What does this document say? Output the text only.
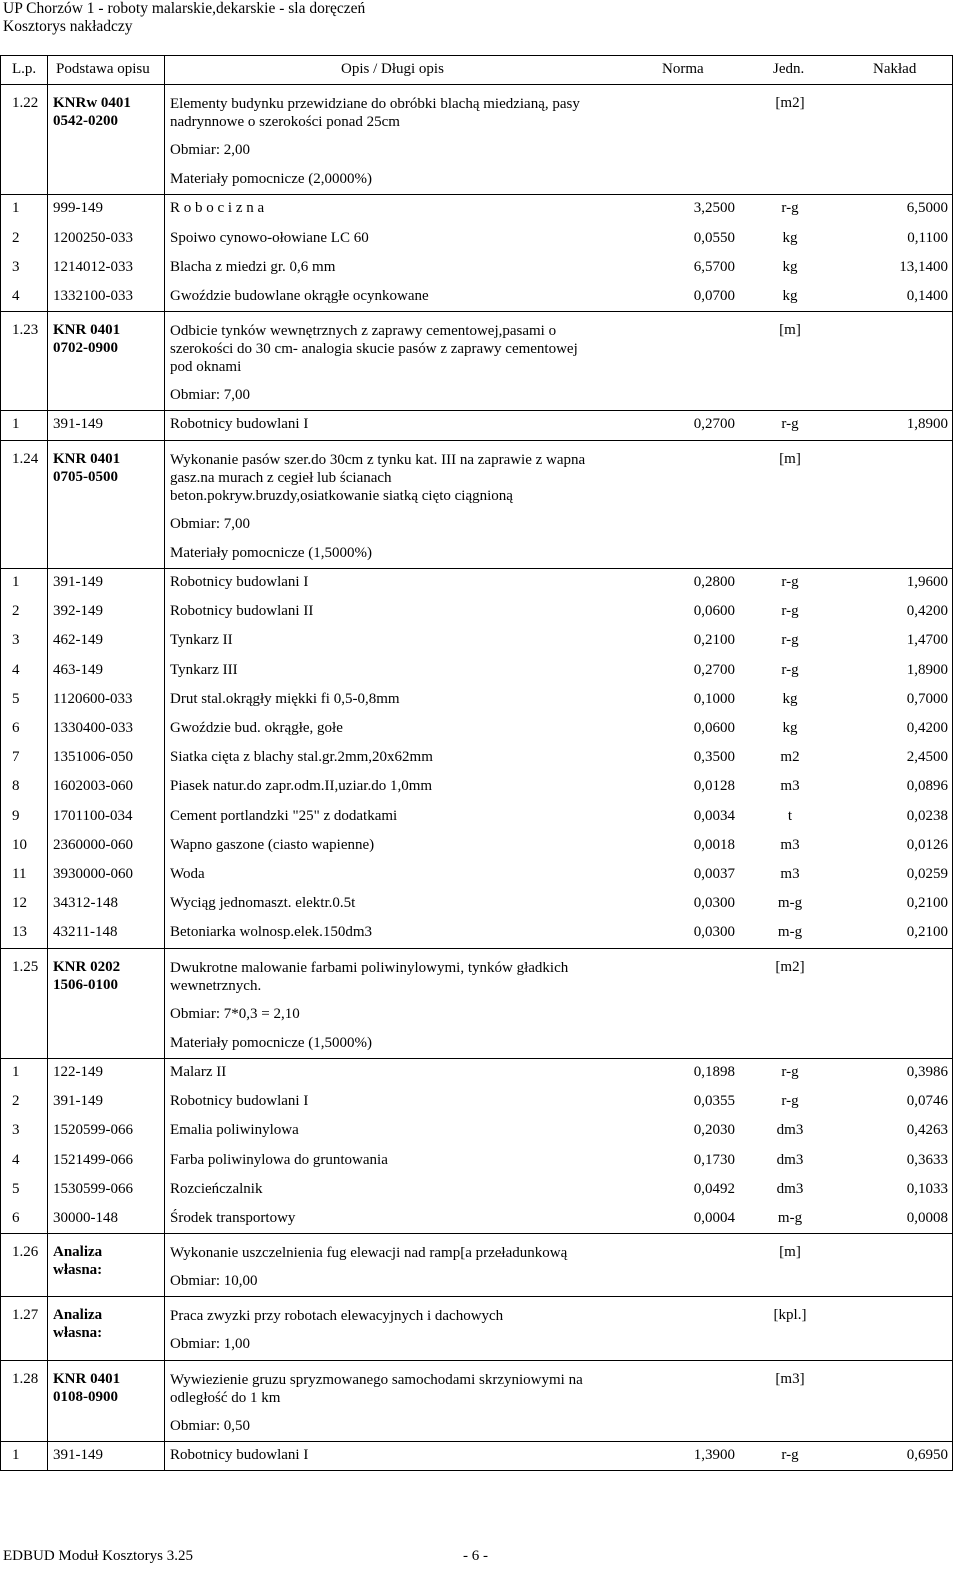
UP Chorzów 1 - roboty malarskie,dekarskie - sla doręczeń
Kosztorys nakładczy
L.p. Podstawa opisu	Opis / Długi opis	Norma	Jedn.	Nakład
1.22 KNRw 0401
0542-0200
Elementy budynku przewidziane do obróbki blachą miedzianą, pasy
nadrynnowe o szerokości ponad 25cm
[m2]
Obmiar: 2,00
Materiały pomocnicze (2,0000%)
1 999-149	R o b o c i z n a	3,2500	r-g	6,5000
2 1200250-033 Spoiwo cynowo-ołowiane LC 60	0,0550	kg	0,1100
3 1214012-033 Blacha z miedzi gr. 0,6 mm	6,5700	kg	13,1400
4 1332100-033 Gwoździe budowlane okrągłe ocynkowane	0,0700	kg	0,1400
1.23 KNR 0401
0702-0900
Odbicie tynków wewnętrznych z zaprawy cementowej,pasami o
szerokości do 30 cm- analogia skucie pasów z zaprawy cementowej
pod oknami
[m]
Obmiar: 7,00
1 391-149	Robotnicy budowlani I	0,2700	r-g	1,8900
1.24 KNR 0401
0705-0500
Wykonanie pasów szer.do 30cm z tynku kat. III na zaprawie z wapna
gasz.na murach z cegieł lub ścianach
beton.pokryw.bruzdy,osiatkowanie siatką cięto ciągnioną
[m]
Obmiar: 7,00
Materiały pomocnicze (1,5000%)
1 391-149	Robotnicy budowlani I	0,2800	r-g	1,9600
2 392-149	Robotnicy budowlani II	0,0600	r-g	0,4200
3 462-149	Tynkarz II	0,2100	r-g	1,4700
4 463-149	Tynkarz III	0,2700	r-g	1,8900
5 1120600-033	Drut stal.okrągły miękki fi 0,5-0,8mm	0,1000	kg	0,7000
6 1330400-033 Gwoździe bud. okrągłe, gołe	0,0600	kg	0,4200
7 1351006-050 Siatka cięta z blachy stal.gr.2mm,20x62mm	0,3500	m2	2,4500
8 1602003-060 Piasek natur.do zapr.odm.II,uziar.do 1,0mm	0,0128	m3	0,0896
9 1701100-034	Cement portlandzki "25" z dodatkami	0,0034	t	0,0238
10 2360000-060 Wapno gaszone (ciasto wapienne)	0,0018	m3	0,0126
11 3930000-060 Woda	0,0037	m3	0,0259
12 34312-148	Wyciąg jednomaszt. elektr.0.5t	0,0300	m-g	0,2100
13 43211-148	Betoniarka wolnosp.elek.150dm3	0,0300	m-g	0,2100
1.25 KNR 0202
1506-0100
Dwukrotne malowanie farbami poliwinylowymi, tynków gładkich
wewnetrznych.
[m2]
Obmiar: 7*0,3 = 2,10
Materiały pomocnicze (1,5000%)
1 122-149	Malarz II	0,1898	r-g	0,3986
2 391-149	Robotnicy budowlani I	0,0355	r-g	0,0746
3 1520599-066 Emalia poliwinylowa	0,2030	dm3	0,4263
4 1521499-066 Farba poliwinylowa do gruntowania	0,1730	dm3	0,3633
5 1530599-066 Rozcieńczalnik	0,0492	dm3	0,1033
6 30000-148	Środek transportowy	0,0004	m-g	0,0008
1.26 Analiza
własna:
Wykonanie uszczelnienia fug elewacji nad ramp[a przeładunkową	[m]
Obmiar: 10,00
1.27 Analiza
własna:
Praca zwyzki przy robotach elewacyjnych i dachowych	[kpl.]
Obmiar: 1,00
1.28 KNR 0401
0108-0900
Wywiezienie gruzu spryzmowanego samochodami skrzyniowymi na
odległość do 1 km
[m3]
Obmiar: 0,50
1 391-149	Robotnicy budowlani I	1,3900	r-g	0,6950
EDBUD Moduł Kosztorys 3.25	- 6 -
